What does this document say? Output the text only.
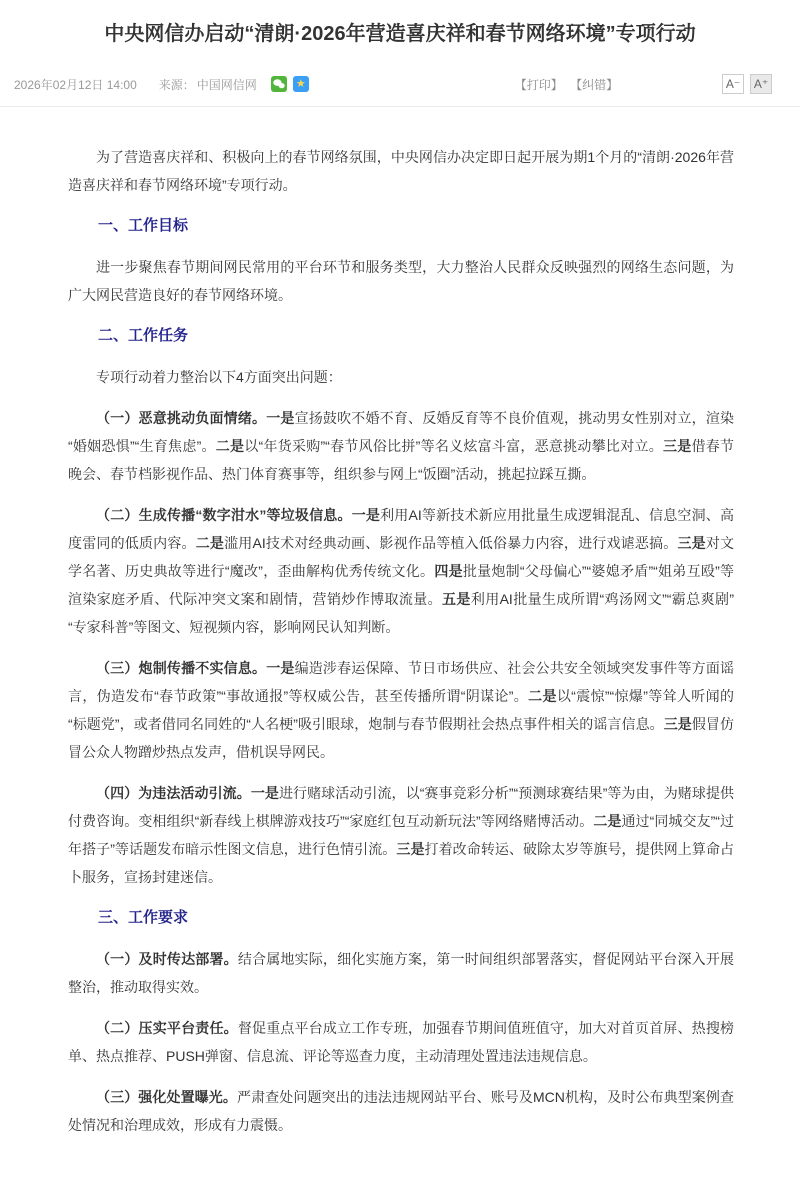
中央网信办启动“清朗·2026年营造喜庆祥和春节网络环境”专项行动
2026年02月12日 14:00 来源： 中国网信网	★	【打印】 【纠错】	A⁻	A⁺

为了营造喜庆祥和、积极向上的春节网络氛围，中央网信办决定即日起开展为期1个月的“清朗·2026年营造喜庆祥和春节网络环境”专项行动。

一、工作目标

进一步聚焦春节期间网民常用的平台环节和服务类型，大力整治人民群众反映强烈的网络生态问题，为广大网民营造良好的春节网络环境。

二、工作任务

专项行动着力整治以下4方面突出问题：

（一）恶意挑动负面情绪。一是宣扬鼓吹不婚不育、反婚反育等不良价值观，挑动男女性别对立，渲染“婚姻恐惧”“生育焦虑”。二是以“年货采购”“春节风俗比拼”等名义炫富斗富，恶意挑动攀比对立。三是借春节晚会、春节档影视作品、热门体育赛事等，组织参与网上“饭圈”活动，挑起拉踩互撕。

（二）生成传播“数字泔水”等垃圾信息。一是利用AI等新技术新应用批量生成逻辑混乱、信息空洞、高度雷同的低质内容。二是滥用AI技术对经典动画、影视作品等植入低俗暴力内容，进行戏谑恶搞。三是对文学名著、历史典故等进行“魔改”，歪曲解构优秀传统文化。四是批量炮制“父母偏心”“婆媳矛盾”“姐弟互殴”等渲染家庭矛盾、代际冲突文案和剧情，营销炒作博取流量。五是利用AI批量生成所谓“鸡汤网文”“霸总爽剧”“专家科普”等图文、短视频内容，影响网民认知判断。

（三）炮制传播不实信息。一是编造涉春运保障、节日市场供应、社会公共安全领域突发事件等方面谣言，伪造发布“春节政策”“事故通报”等权威公告，甚至传播所谓“阴谋论”。二是以“震惊”“惊爆”等耸人听闻的“标题党”，或者借同名同姓的“人名梗”吸引眼球，炮制与春节假期社会热点事件相关的谣言信息。三是假冒仿冒公众人物蹭炒热点发声，借机误导网民。

（四）为违法活动引流。一是进行赌球活动引流，以“赛事竞彩分析”“预测球赛结果”等为由，为赌球提供付费咨询。变相组织“新春线上棋牌游戏技巧”“家庭红包互动新玩法”等网络赌博活动。二是通过“同城交友”“过年搭子”等话题发布暗示性图文信息，进行色情引流。三是打着改命转运、破除太岁等旗号，提供网上算命占卜服务，宣扬封建迷信。

三、工作要求

（一）及时传达部署。结合属地实际，细化实施方案，第一时间组织部署落实，督促网站平台深入开展整治，推动取得实效。

（二）压实平台责任。督促重点平台成立工作专班，加强春节期间值班值守，加大对首页首屏、热搜榜单、热点推荐、PUSH弹窗、信息流、评论等巡查力度，主动清理处置违法违规信息。

（三）强化处置曝光。严肃查处问题突出的违法违规网站平台、账号及MCN机构，及时公布典型案例查处情况和治理成效，形成有力震慑。
